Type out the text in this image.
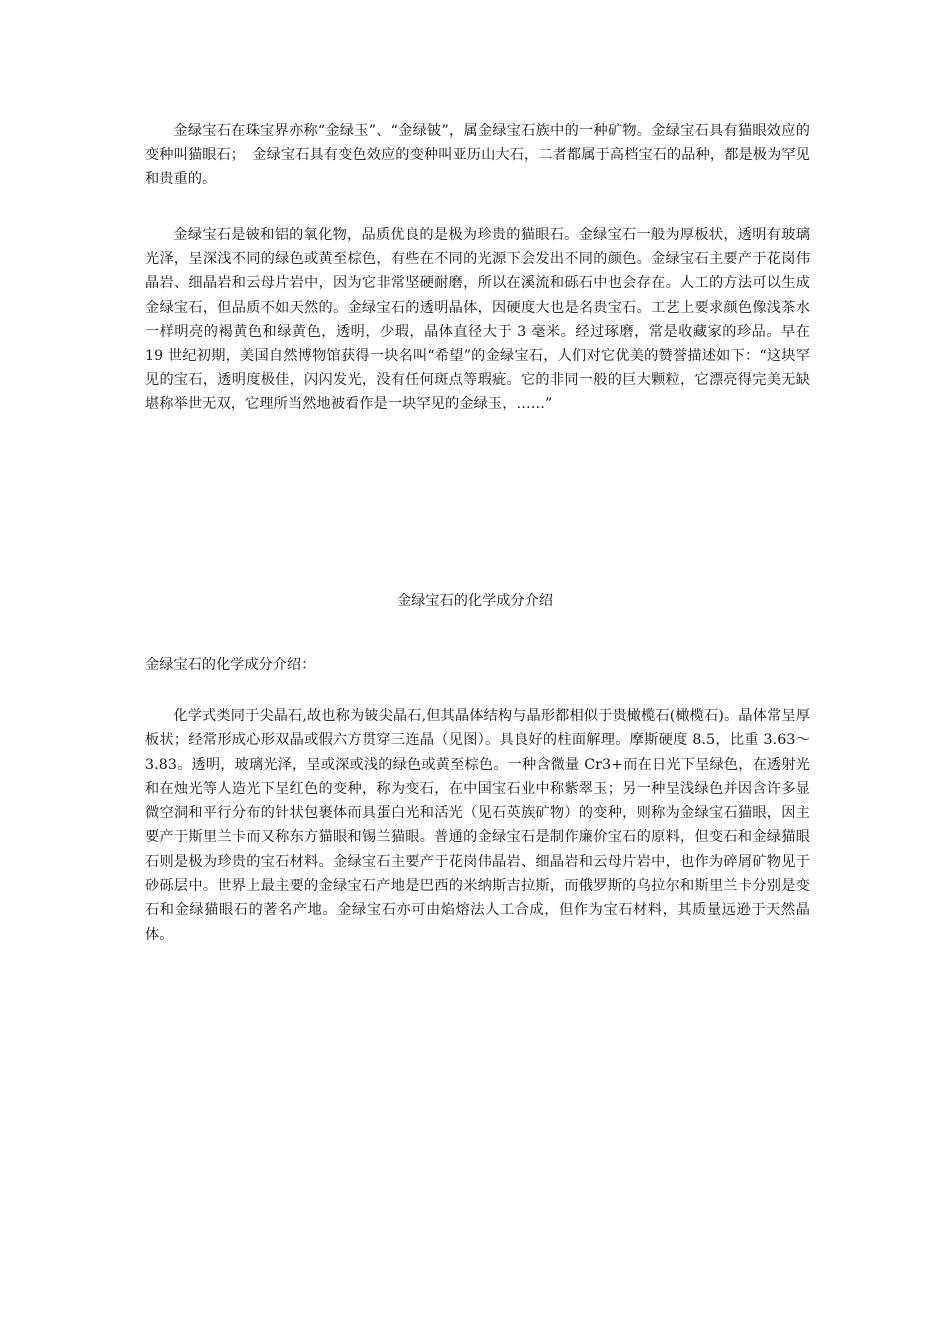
金绿宝石在珠宝界亦称“金绿玉”、“金绿铍”，属金绿宝石族中的一种矿物。金绿宝石具有猫眼效应的变种叫猫眼石；　金绿宝石具有变色效应的变种叫亚历山大石，二者都属于高档宝石的品种，都是极为罕见和贵重的。

金绿宝石是铍和铝的氧化物，品质优良的是极为珍贵的猫眼石。金绿宝石一般为厚板状，透明有玻璃光泽，呈深浅不同的绿色或黄至棕色，有些在不同的光源下会发出不同的颜色。金绿宝石主要产于花岗伟晶岩、细晶岩和云母片岩中，因为它非常坚硬耐磨，所以在溪流和砾石中也会存在。人工的方法可以生成金绿宝石，但品质不如天然的。金绿宝石的透明晶体，因硬度大也是名贵宝石。工艺上要求颜色像浅茶水一样明亮的褐黄色和绿黄色，透明，少瑕，晶体直径大于 3 毫米。经过琢磨，常是收藏家的珍品。早在 19 世纪初期，美国自然博物馆获得一块名叫“希望”的金绿宝石，人们对它优美的赞誉描述如下：“这块罕见的宝石，透明度极佳，闪闪发光，没有任何斑点等瑕疵。它的非同一般的巨大颗粒，它漂亮得完美无缺堪称举世无双，它理所当然地被看作是一块罕见的金绿玉，……”

金绿宝石的化学成分介绍

金绿宝石的化学成分介绍：

化学式类同于尖晶石,故也称为铍尖晶石,但其晶体结构与晶形都相似于贵橄榄石(橄榄石)。晶体常呈厚板状；经常形成心形双晶或假六方贯穿三连晶（见图）。具良好的柱面解理。摩斯硬度 8.5，比重 3.63～3.83。透明，玻璃光泽，呈或深或浅的绿色或黄至棕色。一种含微量 Cr3+而在日光下呈绿色，在透射光和在烛光等人造光下呈红色的变种，称为变石，在中国宝石业中称紫翠玉；另一种呈浅绿色并因含许多显微空洞和平行分布的针状包裹体而具蛋白光和活光（见石英族矿物）的变种，则称为金绿宝石猫眼，因主要产于斯里兰卡而又称东方猫眼和锡兰猫眼。普通的金绿宝石是制作廉价宝石的原料，但变石和金绿猫眼石则是极为珍贵的宝石材料。金绿宝石主要产于花岗伟晶岩、细晶岩和云母片岩中，也作为碎屑矿物见于砂砾层中。世界上最主要的金绿宝石产地是巴西的米纳斯吉拉斯，而俄罗斯的乌拉尔和斯里兰卡分别是变石和金绿猫眼石的著名产地。金绿宝石亦可由焰熔法人工合成，但作为宝石材料，其质量远逊于天然晶体。
